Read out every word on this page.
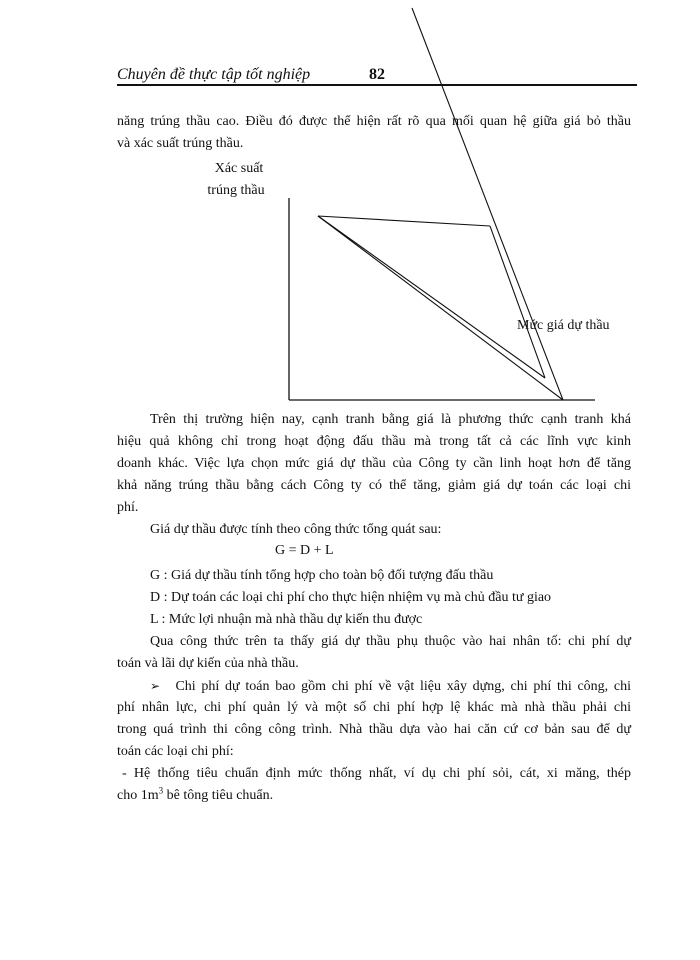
Chuyên đề thực tập tốt nghiệp	82
năng trúng thầu cao. Điều đó được thể hiện rất rõ qua mối quan hệ giữa giá bỏ thầu
và xác suất trúng thầu.
Xác suất
trúng thầu
Mức giá dự thầu
Trên thị trường hiện nay, cạnh tranh bằng giá là phương thức cạnh tranh khá
hiệu quả không chỉ trong hoạt động đấu thầu mà trong tất cả các lĩnh vực kinh
doanh khác. Việc lựa chọn mức giá dự thầu của Công ty cần linh hoạt hơn để tăng
khả năng trúng thầu bằng cách Công ty có thể tăng, giảm giá dự toán các loại chi
phí.
Giá dự thầu được tính theo công thức tổng quát sau:
G = D + L
G : Giá dự thầu tính tổng hợp cho toàn bộ đối tượng đấu thầu
D : Dự toán các loại chi phí cho thực hiện nhiệm vụ mà chủ đầu tư giao
L : Mức lợi nhuận mà nhà thầu dự kiến thu được
Qua công thức trên ta thấy giá dự thầu phụ thuộc vào hai nhân tố: chi phí dự
toán và lãi dự kiến của nhà thầu.
➢ Chi phí dự toán bao gồm chi phí về vật liệu xây dựng, chi phí thi công, chi
phí nhân lực, chi phí quản lý và một số chi phí hợp lệ khác mà nhà thầu phải chi
trong quá trình thi công công trình. Nhà thầu dựa vào hai căn cứ cơ bản sau để dự
toán các loại chi phí:
- Hệ thống tiêu chuẩn định mức thống nhất, ví dụ chi phí sỏi, cát, xi măng, thép
cho $1m^3$ bê tông tiêu chuẩn.
